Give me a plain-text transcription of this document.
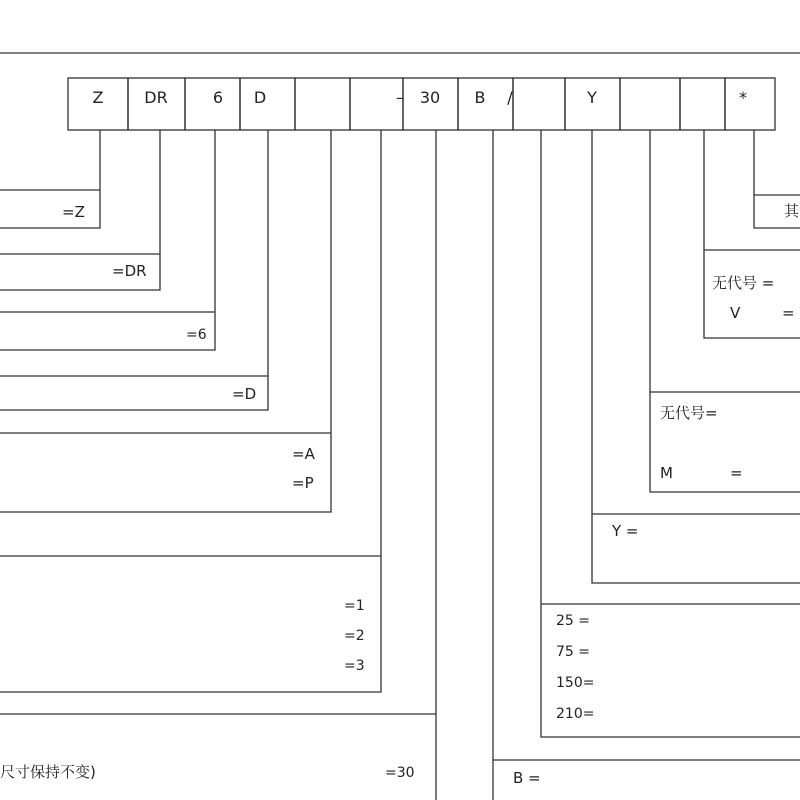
Z	DR	6	D	– 30	B	/	Y	*
=Z
=DR
=6
=D
=A
=P
=1
=2
=3
尺寸保持不变)	=30	B =
25 =
75 =
150=
210=
Y =
无代号=
M	=
无代号 =
V	=
其
